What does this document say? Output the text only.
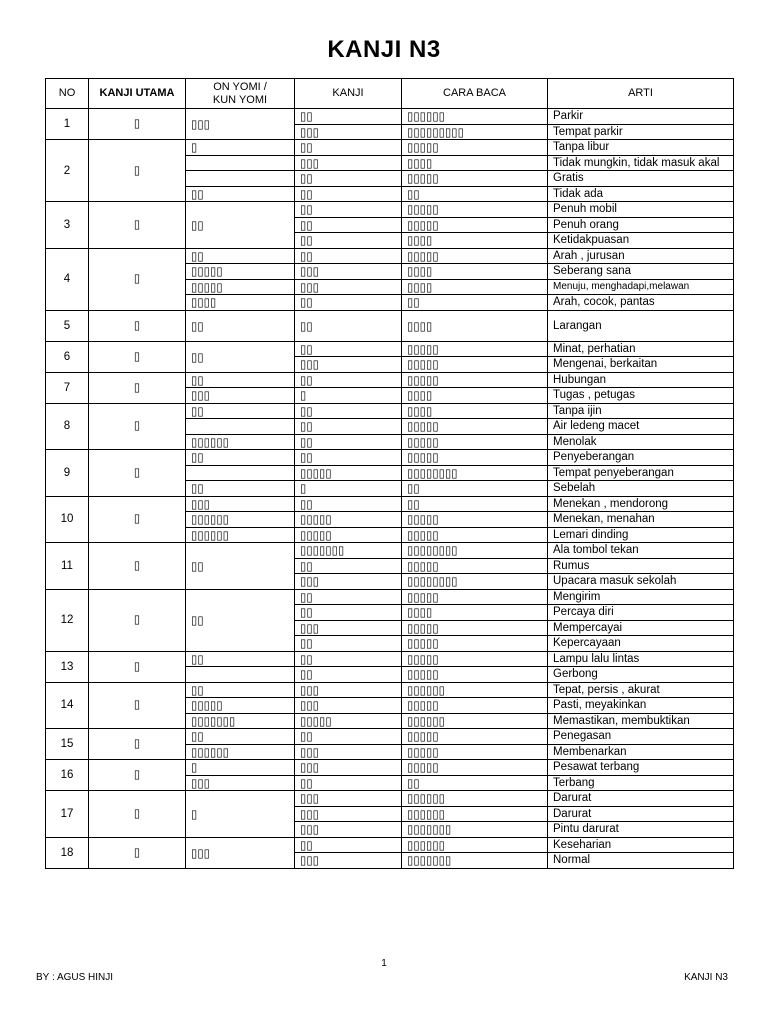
KANJI N3
NO	KANJI UTAMA	ON YOMI /
KUN YOMI	KANJI	CARA BACA	ARTI
1	▯	▯▯▯	▯▯	▯▯▯▯▯▯	Parkir
			▯▯▯	▯▯▯▯▯▯▯▯▯	Tempat parkir
2	▯	▯	▯▯	▯▯▯▯▯	Tanpa libur
			▯▯▯	▯▯▯▯	Tidak mungkin, tidak masuk akal
			▯▯	▯▯▯▯▯	Gratis
		▯▯	▯▯	▯▯	Tidak ada
3	▯	▯▯	▯▯	▯▯▯▯▯	Penuh mobil
			▯▯	▯▯▯▯▯	Penuh orang
			▯▯	▯▯▯▯	Ketidakpuasan
4	▯	▯▯	▯▯	▯▯▯▯▯	Arah , jurusan
		▯▯▯▯▯	▯▯▯	▯▯▯▯	Seberang sana
		▯▯▯▯▯	▯▯▯	▯▯▯▯	Menuju, menghadapi,melawan
		▯▯▯▯	▯▯	▯▯	Arah, cocok, pantas
5	▯	▯▯	▯▯	▯▯▯▯	Larangan
6	▯	▯▯	▯▯	▯▯▯▯▯	Minat, perhatian
			▯▯▯	▯▯▯▯▯	Mengenai, berkaitan
7	▯	▯▯	▯▯	▯▯▯▯▯	Hubungan
		▯▯▯	▯	▯▯▯▯	Tugas , petugas
8	▯	▯▯	▯▯	▯▯▯▯	Tanpa ijin
			▯▯	▯▯▯▯▯	Air ledeng macet
		▯▯▯▯▯▯	▯▯	▯▯▯▯▯	Menolak
9	▯	▯▯	▯▯	▯▯▯▯▯	Penyeberangan
			▯▯▯▯▯	▯▯▯▯▯▯▯▯	Tempat penyeberangan
		▯▯	▯	▯▯	Sebelah
10	▯	▯▯▯	▯▯	▯▯	Menekan , mendorong
		▯▯▯▯▯▯	▯▯▯▯▯	▯▯▯▯▯	Menekan, menahan
		▯▯▯▯▯▯	▯▯▯▯▯	▯▯▯▯▯	Lemari dinding
11	▯	▯▯	▯▯▯▯▯▯▯	▯▯▯▯▯▯▯▯	Ala tombol tekan
			▯▯	▯▯▯▯▯	Rumus
			▯▯▯	▯▯▯▯▯▯▯▯	Upacara masuk sekolah
12	▯	▯▯	▯▯	▯▯▯▯▯	Mengirim
			▯▯	▯▯▯▯	Percaya diri
			▯▯▯	▯▯▯▯▯	Mempercayai
			▯▯	▯▯▯▯▯	Kepercayaan
13	▯	▯▯	▯▯	▯▯▯▯▯	Lampu lalu lintas
			▯▯	▯▯▯▯▯	Gerbong
14	▯	▯▯	▯▯▯	▯▯▯▯▯▯	Tepat, persis , akurat
		▯▯▯▯▯	▯▯▯	▯▯▯▯▯	Pasti, meyakinkan
		▯▯▯▯▯▯▯	▯▯▯▯▯	▯▯▯▯▯▯	Memastikan, membuktikan
15	▯	▯▯	▯▯	▯▯▯▯▯	Penegasan
		▯▯▯▯▯▯	▯▯▯	▯▯▯▯▯	Membenarkan
16	▯	▯	▯▯▯	▯▯▯▯▯	Pesawat terbang
		▯▯▯	▯▯	▯▯	Terbang
17	▯	▯	▯▯▯	▯▯▯▯▯▯	Darurat
			▯▯▯	▯▯▯▯▯▯	Darurat
			▯▯▯	▯▯▯▯▯▯▯	Pintu darurat
18	▯	▯▯▯	▯▯	▯▯▯▯▯▯	Keseharian
			▯▯▯	▯▯▯▯▯▯▯	Normal
1
BY : AGUS HINJI	KANJI N3
